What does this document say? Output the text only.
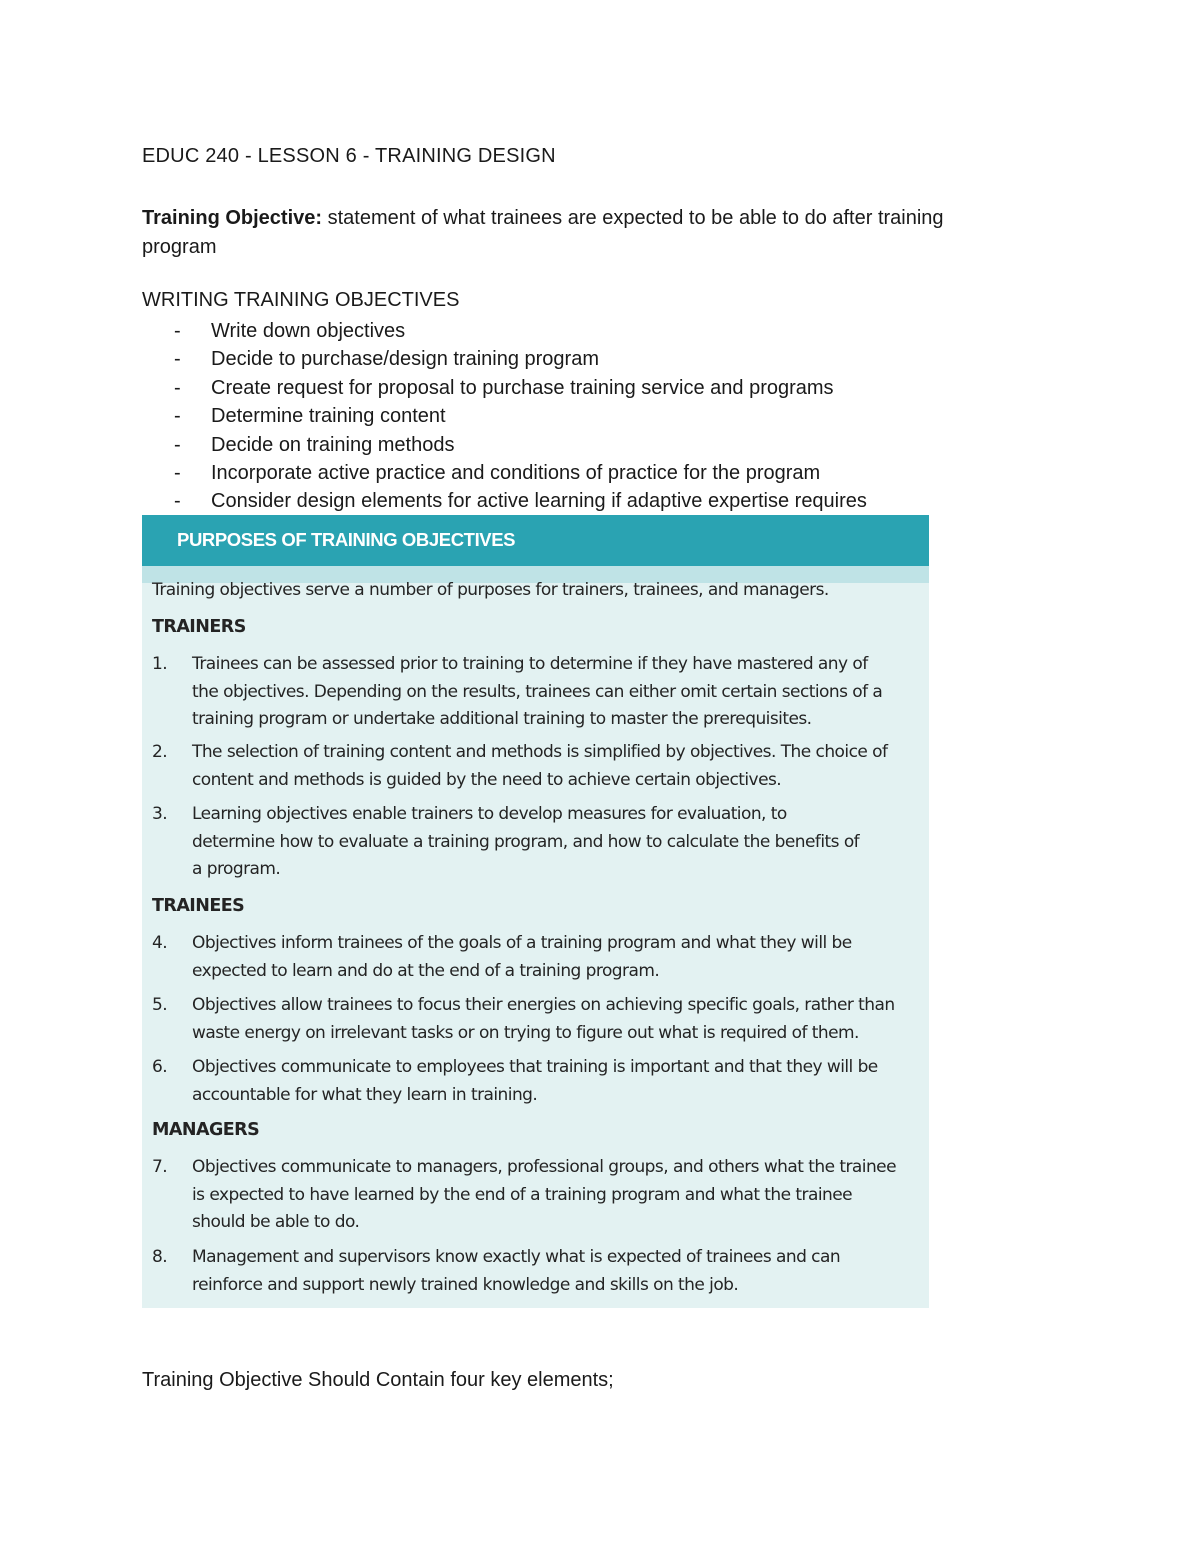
EDUC 240 - LESSON 6 - TRAINING DESIGN
Training Objective: statement of what trainees are expected to be able to do after training program
WRITING TRAINING OBJECTIVES
- Write down objectives
- Decide to purchase/design training program
- Create request for proposal to purchase training service and programs
- Determine training content
- Decide on training methods
- Incorporate active practice and conditions of practice for the program
- Consider design elements for active learning if adaptive expertise requires
PURPOSES OF TRAINING OBJECTIVES
Training objectives serve a number of purposes for trainers, trainees, and managers.
TRAINERS
1. Trainees can be assessed prior to training to determine if they have mastered any of
the objectives. Depending on the results, trainees can either omit certain sections of a
training program or undertake additional training to master the prerequisites.
2. The selection of training content and methods is simplified by objectives. The choice of
content and methods is guided by the need to achieve certain objectives.
3. Learning objectives enable trainers to develop measures for evaluation, to
determine how to evaluate a training program, and how to calculate the benefits of
a program.
TRAINEES
4. Objectives inform trainees of the goals of a training program and what they will be
expected to learn and do at the end of a training program.
5. Objectives allow trainees to focus their energies on achieving specific goals, rather than
waste energy on irrelevant tasks or on trying to figure out what is required of them.
6. Objectives communicate to employees that training is important and that they will be
accountable for what they learn in training.
MANAGERS
7. Objectives communicate to managers, professional groups, and others what the trainee
is expected to have learned by the end of a training program and what the trainee
should be able to do.
8. Management and supervisors know exactly what is expected of trainees and can
reinforce and support newly trained knowledge and skills on the job.
Training Objective Should Contain four key elements;
